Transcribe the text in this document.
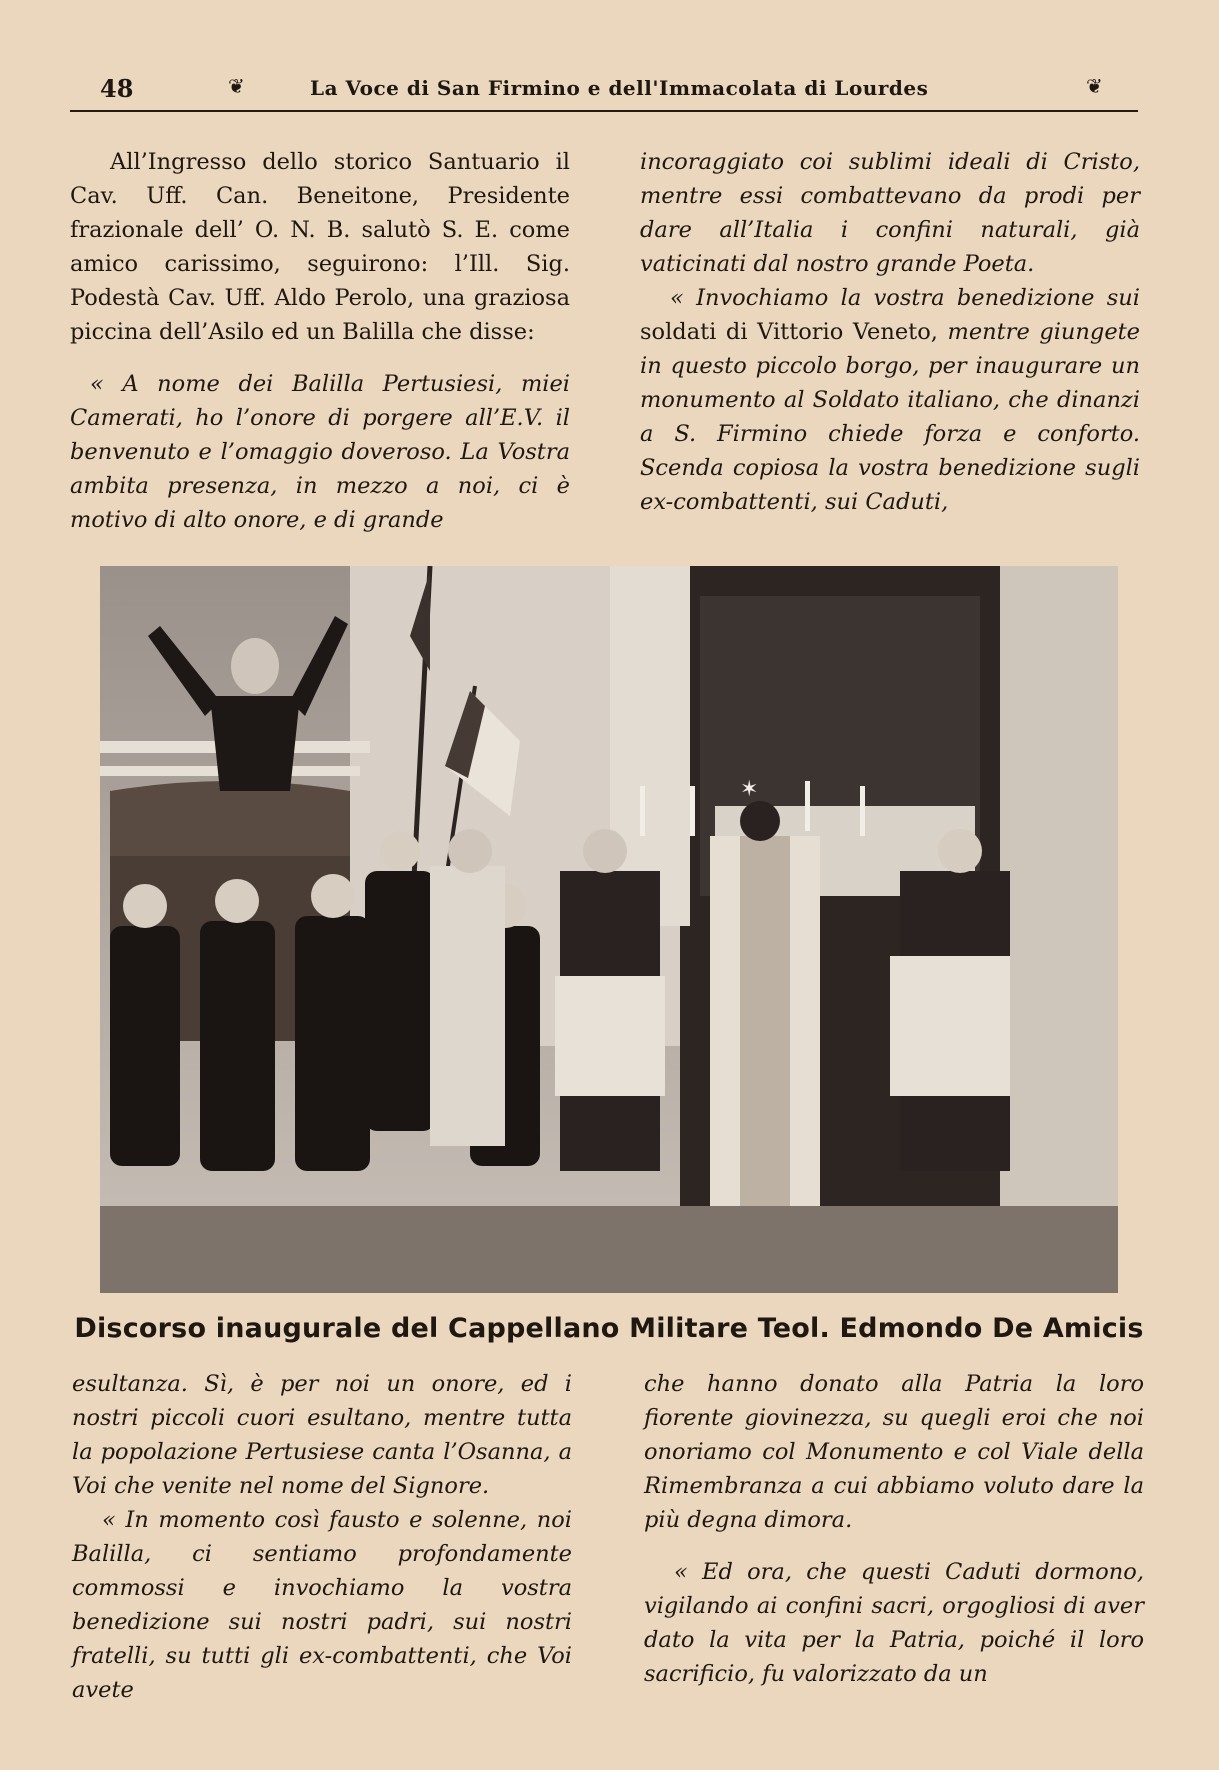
48	❦	La Voce di San Firmino e dell'Immacolata di Lourdes	❦

All’Ingresso dello storico Santuario il Cav. Uff. Can. Beneitone, Presidente frazionale dell’ O. N. B. salutò S. E. come amico carissimo, seguirono: l’Ill. Sig. Podestà Cav. Uff. Aldo Perolo, una graziosa piccina dell’Asilo ed un Balilla che disse:

« A nome dei Balilla Pertusiesi, miei Camerati, ho l’onore di porgere all’E.V. il benvenuto e l’omaggio doveroso. La Vostra ambita presenza, in mezzo a noi, ci è motivo di alto onore, e di grande

incoraggiato coi sublimi ideali di Cristo, mentre essi combattevano da prodi per dare all’Italia i confini naturali, già vaticinati dal nostro grande Poeta.

« Invochiamo la vostra benedizione sui soldati di Vittorio Veneto, mentre giungete in questo piccolo borgo, per inaugurare un monumento al Soldato italiano, che dinanzi a S. Firmino chiede forza e conforto. Scenda copiosa la vostra benedizione sugli ex-combattenti, sui Caduti,

✶
Discorso inaugurale del Cappellano Militare Teol. Edmondo De Amicis

esultanza. Sì, è per noi un onore, ed i nostri piccoli cuori esultano, mentre tutta la popolazione Pertusiese canta l’Osanna, a Voi che venite nel nome del Signore.

« In momento così fausto e solenne, noi Balilla, ci sentiamo profondamente commossi e invochiamo la vostra benedizione sui nostri padri, sui nostri fratelli, su tutti gli ex-combattenti, che Voi avete

che hanno donato alla Patria la loro fiorente giovinezza, su quegli eroi che noi onoriamo col Monumento e col Viale della Rimembranza a cui abbiamo voluto dare la più degna dimora.

« Ed ora, che questi Caduti dormono, vigilando ai confini sacri, orgogliosi di aver dato la vita per la Patria, poiché il loro sacrificio, fu valorizzato da un
